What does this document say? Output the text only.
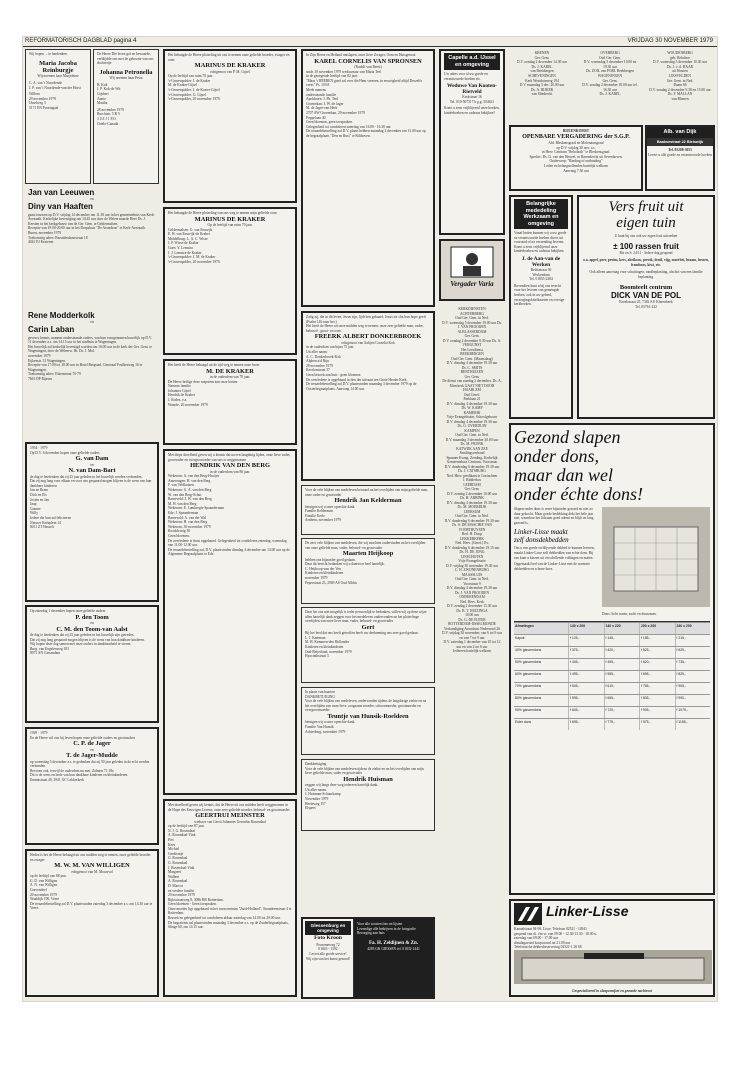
REFORMATORISCH DAGBLAD pagina 4	VRIJDAG 30 NOVEMBER 1979
Wij hopen ... te herdenken
Maria Jacoba Reinburgje
Wij noemen haar Marjoleine
C. A. van 't Noordende
J. P. van 't Noordende-van der Horst
Willem
29 november 1979
IJsselweg 3
5171 EN Poortugaal
De Heere Die leven gaf en bewaarde, verblijdde ons met de geboorte van ons dochtertje
Johanna Petronella
Wij noemen haar Petra
B. Kok
J. P. Kok-de Wit
Gijsbert
Annie
Martha
28 november 1979
Burchtstr. 5 B 5
3 0 Z J 1 P.O.
Ortelo-Canada
Jan van Leeuwen
en
Diny van Haaften
gaan trouwen op D.V. vrijdag 14 december om 11.30 uur in het gemeentehuis van Kerk-Avezaath. Kerkelijke bevestiging om 14.45 uur door de Weleerwaarde Heer Ds. J. Kersten in het kerkgebouw van de Ger. Gem. te Geldermalsen.
Receptie van 19.00-20.00 uur in het Dorpshuis "De Avondzon" te Kerk-Avezaath.
Buren, november 1979
Toekomstig adres: Bezuidenhoutstraat 18
4041 EJ Kesteren
Rene Modderkolk
en
Carin Laban
geven u kennis, namens onderstaande ouders, van hun voorgenomen huwelijk op D.V. 11 december a.s. om 14.15 uur in het stadhuis te Wageningen.
Het huwelijk zal kerkelijk bevestigd worden om 16.00 uur in de kerk der Ger. Gem. te Wageningen, door de Weleerw. Hr. Ds. J. Mol.
november 1979
Eijkenstr. 31 Wageningen.
Receptie van 17.00 tot 18.00 uur in Hotel Bergstad, Generaal Foulkesweg 16 te Wageningen.
Toekomstig adres: Eikenstraat 70-79
7661 DP Rijssen
1954 · 1979
Op D.V. 6 december hopen onze geliefde ouders
G. van Dam
en
N. van Dam-Bart
de dag te herdenken dat zij 25 jaar geleden in het huwelijk werden verbonden.
Dat zij nog lang voor elkaar en voor ons gespaard mogen blijven is de wens van hun dankbare kinderen
Jan en Bram
Dick en Els
Josien en Jan
Jaap
Gonnie
Willy
Iedere die hun zal feliciteren
Nieuwe Kerkplein 14
8011 ZT Hasselt
Op zaterdag 1 december hopen onze geliefde ouders
P. den Toom
en
C. M. den Toom-van Aalst
de dag te herdenken dat zij 25 jaar geleden in het huwelijk zijn getreden.
Dat zij nog lang gespaard mogen blijven is de wens van hun dankbare kinderen.
Wij hopen deze dag samen met onze ouders in dankbaarheid te vieren.
Burg. van Engelenweg 181
8071 AN Giesendam
1929 · 1979
En de Heere wil ons bij leven hopen onze geliefde ouders en grootouders
C. P. de Jager
en
T. de Jager-Mudde
op woensdag 5 december a.s. te gedenken dat zij 50 jaar geleden in de echt werden verbonden.
Bevoren ook, terwijl de ouderdom nu mei, Zalmen 71:18a
Dit is de wens en bede van hun dankbare kinderen en kleinkinderen.
Emmastraat 40, 2941 XC Lekkerkerk
Heden is het de Heere behaagd uit ons midden weg te nemen, onze geliefde broeder en zwager
M. W. M. VAN WILLIGEN
echtgenoot van M. Mouwval
op de leeftijd van 88 jaar.
G. D. van Willigen
A. N. van Willigen
Gravendeel
20 november 1979
Waaldijk 190, Veere
De teraardebestelling zal D.V. plaatsvinden zaterdag 3 december a.s. om 14.30 uur te Veere.
Het behaagde de Heere plotseling uit ons te nemen onze geliefde broeder, zwager en oom
MARINUS DE KRAKER
echtgenoot van P. M. Gijsel
Op de leeftijd van ruim 70 jaar.
's-Gravenpolder: J. de Kraker
M. de Kraker-Gijsel
's-Gravenpolder: J. de Koster-Gijsel
's-Gravenpolder: G. Gijsel
's-Gravenpolder, 20 november 1979.
Het behaagde de Heere plotseling van ons weg te nemen mijn geliefde oom
MARINUS DE KRAKER
Op de leeftijd van ruim 70 jaar.
Geldermalsen: G. van Eeuwijk
E. H. van Eeuwijk-de Kraker
Middelburg: L. A. C. Wisse
J. P. Wisse-de Kraker
Goes: Y. Lemstra
J. J. Lemstra-de Kraker
's-Gravenpolder: J. M. de Kraker
's-Gravenpolder, 20 november 1979.
Het heeft de Heere behaagd uit de tijd weg te nemen onze broer
M. DE KRAKER
in de ouderdom van 70 jaar.
De Heere heilige deze roepstem aan onze harten.
Namens familie
Johannes Gijsel
Hendrik de Kraker
J. Rodez, e.a.
Waarde, 20 november 1979
Met diepe droefheid geven wij u kennis dat na een langdurig lijden, onze lieve vader, grootvader en overgrootvader van ons is weggenomen
HENDRIK VAN DEN BERG
in de ouderdom van 80 jaar.
Wekerom: A. van den Berg-Hooijer
Amerongen: H. van den Berg
F. van Veldhuizen
Wekerom: G. A. van den Berg
W. van den Berg-Schut
Barneveld: J. W. van den Berg
M. H. van den Berg
Wekerom: E. Lambregts-Spaanderman
Ede: J. Spaanderman
Barneveld: A. van der Wal
Wekerom: H. van den Berg
Wekerom, 30 november 1979
Rooskleurig 30
Geen bloemen.
De overledene is thuis opgebaard. Gelegenheid tot condoleren zaterdag, woensdag van 11.00-12.00 uur.
De teraardebestelling zal, D.V. plaatsvinden dinsdag 4 december om 14.00 uur op de Algemene Begraafplaats te Ede.
Met droefheid geven wij kennis, dat de Heere uit ons midden heeft weggenomen in de Hope des Eeuwigen Levens, onze zeer geliefde moeder, behuwd- en grootmoeder
GEERTRUI MEINSTER
weduwe van Gerrit Johannes Gerardus Rosendaal
op de leeftijd van 87 jaar.
N. J. G. Rosendaal
A. Rosendaal-Vink
Piet
Kees
Michiel
Gerdientje
G. Rosendaal
G. Rosendaal
J. Rosendaal-Vink
Margreet
Walbert
A. Rosendaal
D. Marcor
en verdere familie
29 november 1979
Rijksstraatweg 8, 3086 RR Rotterdam.
Geen bloemen - Geen toespraken.
Onze moeder ligt opgebaard in het rouwcentrum "Zuid-Holland", Strandeenstraat 4 te Rotterdam.
Bezoek en gelegenheid tot condoleren aldaar zaterdag van 14.00 tot 20.00 uur.
De begrafenis zal plaatsvinden maandag 3 december a.s. op de Zuiderbegraafplaats, Slinge 60, om 14.15 uur.
In Zijn Heere en Heiland ontslapen, onze lieve Zwager, Oom en Huisgenoot
KAREL CORNELIS VAN SPRONSEN
(Rudolf van Reest)
sinds 10 november 1979 weduwnaar van Maria Teel
in de gezegende leeftijd van 82 jaar.
"Maar 's HEEREN goed sal over die Hem vreezen, in eeuwigheid altijd Deszelfs vrees" Ps. 103:8
Mede namens
onderstaande familie
Apeldoorn: J. Ph. Teel
Groenekan: J. W. de Jager
M. de Jager-van Herk
2707 AW Groenekan, 29 november 1979
Poppelaan 40.
Geen bloemen, geen toespraken.
Gelegenheid tot condoleren zaterdag van 16.00 - 16.30 uur.
De teraardebestelling zal D.V. plaats hebben maandag 3 december om 13.00 uur op de begraafplaats "Den en Rust" te Bilthoven.
Zalig zij, die in dit leven, Jezus zijn, lijdt ben gebaard, Jezus tot slot hun hope geeft
(Psalm 146 naar ber.)
Het heeft de Heere uit onze midden weg te nemen, onze zeer geliefde man, vader, behuwd-, groot- en oom
FREERK ALBERT DONKERBROEK
echtgenoot van Aaltjen Cornelia Kok
in de ouderdom van bijna 75 jaar.
Uit aller naam:
A. C. Donkerbroek-Kok
Alphen a/d Rijn
28 november 1979
Keerlonstraat 37
Geen bezoek aan huis - geen bloemen
De overledene is opgebaard in den der uitvaart ten Grote Herder Kerk.
De teraardebestelling zal D.V. plaatsvinden maandag 3 december 1979 op de Oosterbegraafplaats. Aanvang 14.00 uur.
Voor de vele blijken van medeleven betoond na het overlijden van mijn geliefde man, onze vader en grootvader
Hendrik Jan Kelderman
betuigen wij u onze oprechte dank.
Familie Kelderman
Familie Kerle
Arnhem, november 1979
De zeer vele blijken van medeleven, die wij mochten ondervinden na het overlijden van onze geliefde man, vader, behuwd- en grootvader
Maarten Heijkoop
hebben ons bijzonder goed gedaan.
Daar dit bericht bedanken wij u daarvoor heel hartelijk.
C. Heijkoop-van der Ven
Kinderen en kleinkinderen
november 1979
Peperstraat 23, 2969 AS Oud Alblas
Daar het ons niet mogelijk is ieder persoonlijk te bedanken, willen wij op deze wijze allen hartelijk dank zeggen voor het medeleven ondervonden na het plotselinge overlijden van onze lieve man, vader, behuwd- en grootvader
Gert
Bij het leed dat ons heeft getroffen heeft uw deelneming ons zeer goed gedaan.
L. J. Kamman
M. H. Kemmen-den Hollander
Kinderen en kleinkinderen
Oud-Beijerland, november 1979
Hyacinthstraat 3
In plaats van kaarten
DANKBETUIGING
Voor de vele blijken van medeleven, ondervonden tijdens de langdurige ziekte en na het overlijden van onze lieve, zorgzame moeder, schoonmoeder, grootmoeder en overgrootmoeder
Teuntje van Hunsik-Roeldeen
betuigen wij u onze oprechte dank.
Familie Van Hunsik
Achterberg, november 1979
Dankbetuiging
Voor de vele blijken van medeleven tijdens de ziekte en na het overlijden van mijn lieve geliefde man, vader en grootvader
Hendrik Huisman
zeggen wij langs deze weg iedereen hartelijk dank.
Uit aller naam:
J. Huisman-Schuurkamp
November 1979
Heeteweg 157
Elspeet
Glessenburg en omgeving
Foto Kroon
Peuromeweg 72
01845 - 1392
Levert alle goede service!
Wij zijn van het kunst gezond!
Voor alle soorten foto en lijsten
Levendige alle bedrijven in de fotografie
Bezorging aan huis
Fa. H. Zeldijnen & Zn.
4283 GK GIESSEN tel. 01832-1441
Capelle a.d. IJssel en omgeving
Uw adres voor al uw goede en verantwoorde boeken etc.
Weduwe Van Kooten-Rietveld
Kerkstraat 16
Tel. 010-507317 b.g.g. 504621
Komt u eens vrijblijvend onze boeken, kinderboeken en cadeaus bekijken?
Vergader Varia
KERKDIENSTEN
ACHTERBERG
Oud Ger. Gem. in Ned.
D.V. woensdag 5 december 19.00 uur Ds. J. VAN PROOIJEN
ALBLASSERDAM
Ger. Gem.
D.V. zondag 2 december 9.30 uur Ds. A. VERGUNST
Het Leesdienst
BEEKBERGEN
Oud Ger. Gem. (Maansdaag)
D.V. dinsdag 4 december 19.30 uur
Ds. C. SMITS
BENTHUIZEN
Ger. Gem.
De dienst van zondag 2 december, Ds. A. Moerkerk GAAT NIET DOOR
HAARLEM
Oud Geref.
Parklaan 21
D.V. dinsdag 4 december 19.30 uur
Ds. W. KAMP
KAMERIK
Vrije Evangelisatie, Schoolgebouw
D.V. dinsdag 4 december 19.30 uur
Ds. G. OVERDUIN
KAMPEN
Oud Ger. Gem. in Ned.
D.V. maandag 3 december 20.00 uur
Ds. M. FRONK
KATWIJK AAN ZEE
Sendingsverband
Spanner Evang. Zending, Kerkelijk Gemeentehuis Centrum, Voorstraat
D.V. donderdag 6 december 19.30 uur
Ds. J. CATSBURG
Ned. Herv. predikant te Gorinchem
J. Ridderbos
LEERDAM
Ger. Gem.
D.V. zondag 2 december 10.00 uur
Ds. H. ABBINK
D.V. dinsdag 4 december 19.30 uur
Ds. M. MOERDIJK
LEERSUM
Oud Ger. Gem. in Ned.
D.V. donderdag 6 december 19.30 uur
Ds. S. DE MASCHIE VAN VOORTHUYSEN
Red. H. Doop
LEKKERKERK
Ned. Herv. (Geref.) Ev.
D.V. donderdag 6 december 19.15 uur
Ds. H. DE JONG
LINSCHOTEN
Vrije Evangelisatie
D.V. vrijdag 30 november 19.30 uur
C. H. ZWIJNENBURG
MAASSLUIS
Oud Ger. Gem. in Ned.
Voorstraat 9
D.V. dinsdag 4 december 19.30 uur
Ds. J. VAN PROOIJEN
ONDERENDAM
Ned. Herv. Kerk
D.V. zondag 2 december 15.30 uur
Ds. B. T. HUIZINGA
18.00 uur
Ds. G. DE FIJTER
ROTTERDAM-IJSSELMONDE
Verkondiging Avondrust Nederoord 26
D.V. vrijdag 30 november, van 6 tot 9 uur en van 7 tot 9 uur
D.V. zaterdag 1 december van 10 tot 12 uur en van 2 tot 6 uur
Iedereen hartelijk welkom
KRENEN
Ger. Gem.
D.V. zondag 2 december 14.30 uur
Ds. J. KAREL
van Beekbergen
SCHEVENINGEN
Kerk Westduinweg 194
D.V. maandag 3 dec. 20.00 uur
Ds. A. BIJKER
van Sliedrecht
OVERBERG
Oud Ger. Gem.
D.V. woensdag 5 december 10.00 en 19.30 uur
Ds. ZOIL van PORL Beekbergen
WAGENINGEN
Ger. Gem.
D.V. zondag 2 december 10.00 uur tel. 16.30 uur
Ds. J. KAREL
WOUDENBERG
geb. Rehoboe
D.V. woensdag 5 december 10.30 uur
Ds. J. v. d. HAAR
uit Houten
LIESVELDEN
Ger. Gem. in Ned.
Daam 66
D.V. zondag 2 december 9.30 en 15.00 uur
Ds. F. MALLAN
van Rhenen
BIJEENKOMST
OPENBARE VERGADERING der S.G.P.
Afd. Bleskensgraaf en Molenaarsgraaf
op D.V. vrijdag 30 nov. a.s.
in Herv. Centrum "Rehoboth" te Bleskensgraaf.
Spreker: Ds. G. van den Heuvel, in Barendrecht uit Sevenhoven.
Onderwerp: "Binding of ontbinding"
Leden en belangstellenden hartelijk welkom
Aanvang 7.30 uur
Alb. van Dijk
Baaksestraat 22 Bleiswijk
Tel. 05208-3055
Levert u alle goede en verantwoorde boeken
Belangrijke mededeling Werkzaam en omgeving
Vanaf heden kunnen wij u uw goede en verantwoorde boeken direct uit voorraad of na verzending leveren.
Komt u eens vrijblijvend onze kinderboeken en cadeaus bekijken.
J. de Aan-van de Werken
Beldsetraat 56
Werkendam
Tel. 01855-2284
Bovendien kunt u bij ons terecht voor het leveren van gemengde boeken, ook in uw gebied, verzorgingsbriefkaarten en overige kerkboeken.
Vers fruit uit
eigen tuin
U kunt bij ons ook uw eigen fruit uitzoeken
± 100 rassen fruit
Bis en S. 24/11 · Iedere dag geopend
o.a. appel, peer, pruim, kers, abrikoos, perzik, druif, vijg, moerbei, braam, bessen, framboos, kiwi, etc.
Ook alleen aanvraag voor schuttingen, randbeplanting, afschot van een familie beplanting.
Boomteelt centrum
DICK VAN DE POL
Broekstraat 25, 7382 AU Klarenbeek
Tel. 05761-222
Gezond slapen
onder dons,
maar dan wel
onder échte dons!
Slapen onder dons is verre bijzonder gezond en niet zo duur gekocht. Maar goede bedekking dekt het hele jaar niet, waardoor het lichaam goed ademt en blijft en lang gezond is.
Linker-Lisse maakt
zelf donsdekbedden
Om u een goede en blijvende dekbed te kunnen leveren, maakt Linker-Lisse zelf dekbedden van echte dons. Bij ons kunt u kiezen uit verschillende vullingen en maten.
Opgemaakt bed van de Linker-Lisse met de warmste dekbedden en schone hoes.
Dons: licht warm, zacht en duurzaam.
Afmetingen	140 x 200	140 x 220	200 x 200	240 x 200
Kapok	f 125,-	f 145,-	f 185,-	f 215,-
40% ganzendons	f 375,-	f 420,-	f 525,-	f 625,-
50% ganzendons	f 445,-	f 495,-	f 620,-	f 735,-
60% ganzendons	f 495,-	f 555,-	f 695,-	f 825,-
70% ganzendons	f 545,-	f 610,-	f 765,-	f 905,-
80% ganzendons	f 595,-	f 665,-	f 835,-	f 990,-
90% ganzendons	f 645,-	f 720,-	f 905,-	f 1075,-
Eider dons	f 695,-	f 775,-	f 975,-	f 1155,-
Linker-Lisse
Kanaalstraat 94-96, Lisse, Telefoon 02521 - 14941
geopend van di. t/m vr. van 09.00 - 12.30/13.30 - 18.00 u.
zaterdag van 09.00 - 17.00 uur
dinsdagavond koopavond tot 21.00 uur
Telefonische dekbedreservering 02521-1 20 68
Gespecialiseerd in slaapcomfort en gezonde nachtrust
